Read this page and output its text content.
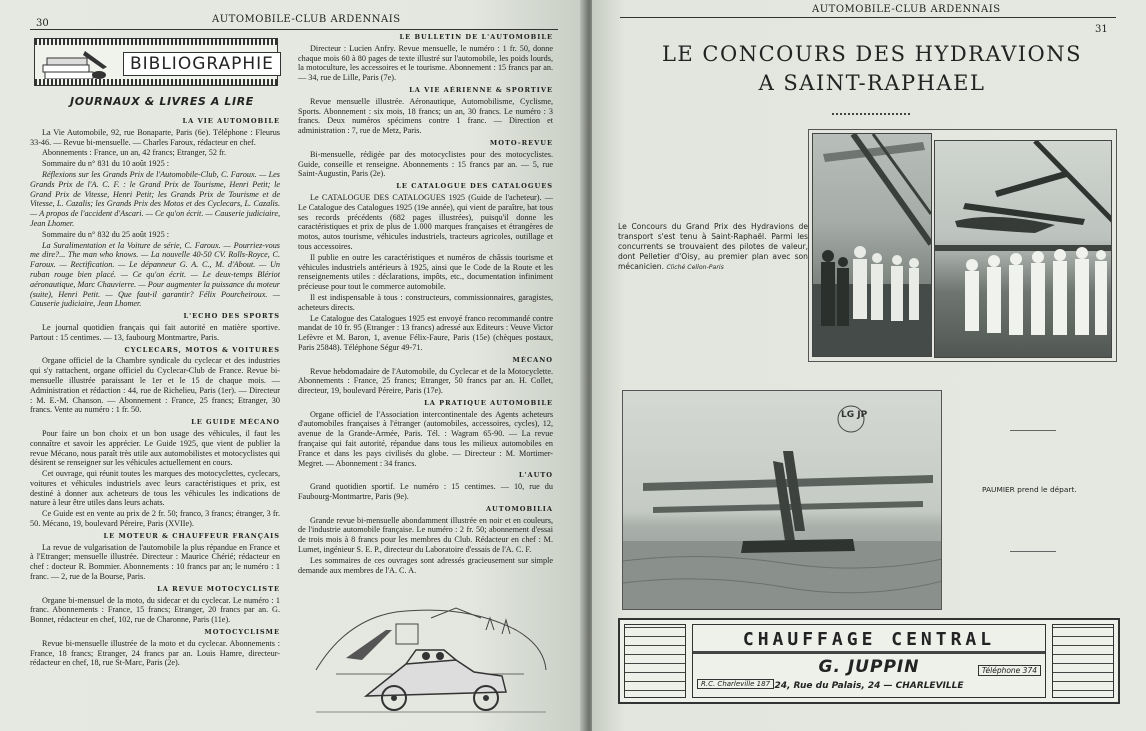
30	AUTOMOBILE-CLUB ARDENNAIS
BIBLIOGRAPHIE
JOURNAUX & LIVRES A LIRE
LA VIE AUTOMOBILE

La Vie Automobile, 92, rue Bonaparte, Paris (6e). Téléphone : Fleurus 33-46. — Revue bi-mensuelle. — Charles Faroux, rédacteur en chef.

Abonnements : France, un an, 42 francs; Etranger, 52 fr.

Sommaire du n° 831 du 10 août 1925 :

Réflexions sur les Grands Prix de l'Automobile-Club, C. Faroux. — Les Grands Prix de l'A. C. F. : le Grand Prix de Tourisme, Henri Petit; le Grand Prix de Vitesse, Henri Petit; les Grands Prix de Tourisme et de Vitesse, L. Cazalis; les Grands Prix des Motos et des Cyclecars, L. Cazalis. — A propos de l'accident d'Ascari. — Ce qu'on écrit. — Causerie judiciaire, Jean Lhomer.

Sommaire du n° 832 du 25 août 1925 :

La Suralimentation et la Voiture de série, C. Faroux. — Pourriez-vous me dire?... The man who knows. — La nouvelle 40-50 CV. Rolls-Royce, C. Faroux. — Rectification. — Le dépanneur G. A. C., M. d'About. — Un ruban rouge bien placé. — Ce qu'on écrit. — Le deux-temps Blériot aéronautique, Marc Chauvierre. — Pour augmenter la puissance du moteur (suite), Henri Petit. — Que faut-il garantir? Félix Pourcheiroux. — Causerie judiciaire, Jean Lhomer.

L'ECHO DES SPORTS

Le journal quotidien français qui fait autorité en matière sportive. Partout : 15 centimes. — 13, faubourg Montmartre, Paris.

CYCLECARS, MOTOS & VOITURES

Organe officiel de la Chambre syndicale du cyclecar et des industries qui s'y rattachent, organe officiel du Cyclecar-Club de France. Revue bi-mensuelle illustrée paraissant le 1er et le 15 de chaque mois. — Administration et rédaction : 44, rue de Richelieu, Paris (1er). — Directeur : M. E.-M. Chanson. — Abonnement : France, 25 francs; Etranger, 30 francs. Vente au numéro : 1 fr. 50.

LE GUIDE MÉCANO

Pour faire un bon choix et un bon usage des véhicules, il faut les connaître et savoir les apprécier. Le Guide 1925, que vient de publier la revue Mécano, nous paraît très utile aux automobilistes et motocyclistes qui désirent se renseigner sur les véhicules actuellement en cours.

Cet ouvrage, qui réunit toutes les marques des motocyclettes, cyclecars, voitures et véhicules industriels avec leurs caractéristiques et prix, est destiné à donner aux acheteurs de tous les véhicules les indications de nature à leur être utiles dans leurs achats.

Ce Guide est en vente au prix de 2 fr. 50; franco, 3 francs; étranger, 3 fr. 50. Mécano, 19, boulevard Péreire, Paris (XVIIe).

LE MOTEUR & CHAUFFEUR FRANÇAIS

La revue de vulgarisation de l'automobile la plus répandue en France et à l'Etranger; mensuelle illustrée. Directeur : Maurice Chérié; rédacteur en chef : docteur R. Bommier. Abonnements : 10 francs par an; le numéro : 1 franc. — 2, rue de la Bourse, Paris.

LA REVUE MOTOCYCLISTE

Organe bi-mensuel de la moto, du sidecar et du cyclecar. Le numéro : 1 franc. Abonnements : France, 15 francs; Etranger, 20 francs par an. G. Bonnet, rédacteur en chef, 102, rue de Charonne, Paris (11e).

MOTOCYCLISME

Revue bi-mensuelle illustrée de la moto et du cyclecar. Abonnements : France, 18 francs; Etranger, 24 francs par an. Louis Hamre, directeur-rédacteur en chef, 18, rue St-Marc, Paris (2e).

LE BULLETIN DE L'AUTOMOBILE

Directeur : Lucien Anfry. Revue mensuelle, le numéro : 1 fr. 50, donne chaque mois 60 à 80 pages de texte illustré sur l'automobile, les poids lourds, la motoculture, les accessoires et le tourisme. Abonnement : 15 francs par an. — 34, rue de Lille, Paris (7e).

LA VIE AÉRIENNE & SPORTIVE

Revue mensuelle illustrée. Aéronautique, Automobilisme, Cyclisme, Sports. Abonnement : six mois, 18 francs; un an, 30 francs. Le numéro : 3 francs. Deux numéros spécimens contre 1 franc. — Direction et administration : 7, rue de Metz, Paris.

MOTO-REVUE

Bi-mensuelle, rédigée par des motocyclistes pour des motocyclistes. Guide, conseille et renseigne. Abonnements : 15 francs par an. — 5, rue Saint-Augustin, Paris (2e).

LE CATALOGUE DES CATALOGUES

Le CATALOGUE DES CATALOGUES 1925 (Guide de l'acheteur). — Le Catalogue des Catalogues 1925 (19e année), qui vient de paraître, bat tous ses records précédents (682 pages illustrées), puisqu'il donne les caractéristiques et prix de plus de 1.000 marques françaises et étrangères de motos, autos tourisme, véhicules industriels, tracteurs agricoles, outillage et tous accessoires.

Il publie en outre les caractéristiques et numéros de châssis tourisme et véhicules industriels antérieurs à 1925, ainsi que le Code de la Route et les renseignements utiles : déclarations, impôts, etc., documentation infiniment précieuse pour tout le commerce automobile.

Il est indispensable à tous : constructeurs, commissionnaires, garagistes, acheteurs directs.

Le Catalogue des Catalogues 1925 est envoyé franco recommandé contre mandat de 10 fr. 95 (Etranger : 13 francs) adressé aux Editeurs : Veuve Victor Lefèvre et M. Baron, 1, avenue Félix-Faure, Paris (15e) (chèques postaux, Paris 25848). Téléphone Ségur 49-71.

MÉCANO

Revue hebdomadaire de l'Automobile, du Cyclecar et de la Motocyclette. Abonnements : France, 25 francs; Etranger, 50 francs par an. H. Collet, directeur, 19, boulevard Péreire, Paris (17e).

LA PRATIQUE AUTOMOBILE

Organe officiel de l'Association intercontinentale des Agents acheteurs d'automobiles françaises à l'étranger (automobiles, accessoires, cycles), 12, avenue de la Grande-Armée, Paris. Tél. : Wagram 65-90. — La revue française qui fait autorité, répandue dans tous les milieux automobiles en France et dans les pays civilisés du globe. — Directeur : M. Mortimer-Megret. — Abonnement : 34 francs.

L'AUTO

Grand quotidien sportif. Le numéro : 15 centimes. — 10, rue du Faubourg-Montmartre, Paris (9e).

AUTOMOBILIA

Grande revue bi-mensuelle abondamment illustrée en noir et en couleurs, de l'industrie automobile française. Le numéro : 2 fr. 50; abonnement d'essai de trois mois à 8 francs pour les membres du Club. Rédacteur en chef : M. Lumet, ingénieur S. E. P., directeur du Laboratoire d'essais de l'A. C. F.

Les sommaires de ces ouvrages sont adressés gracieusement sur simple demande aux membres de l'A. C. A.

AUTOMOBILE-CLUB ARDENNAIS
31
LE CONCOURS DES HYDRAVIONS
A SAINT-RAPHAEL
Le Concours du Grand Prix des Hydravions de transport s'est tenu à Saint-Raphaël. Parmi les concurrents se trouvaient des pilotes de valeur, dont Pelletier d'Oisy, au premier plan avec son mécanicien. Cliché Cellon-Paris
LG JP
PAUMIER prend le départ.
CHAUFFAGE CENTRAL
G. JUPPIN
24, Rue du Palais, 24 — CHARLEVILLE
R.C. Charleville 187
Téléphone 374
